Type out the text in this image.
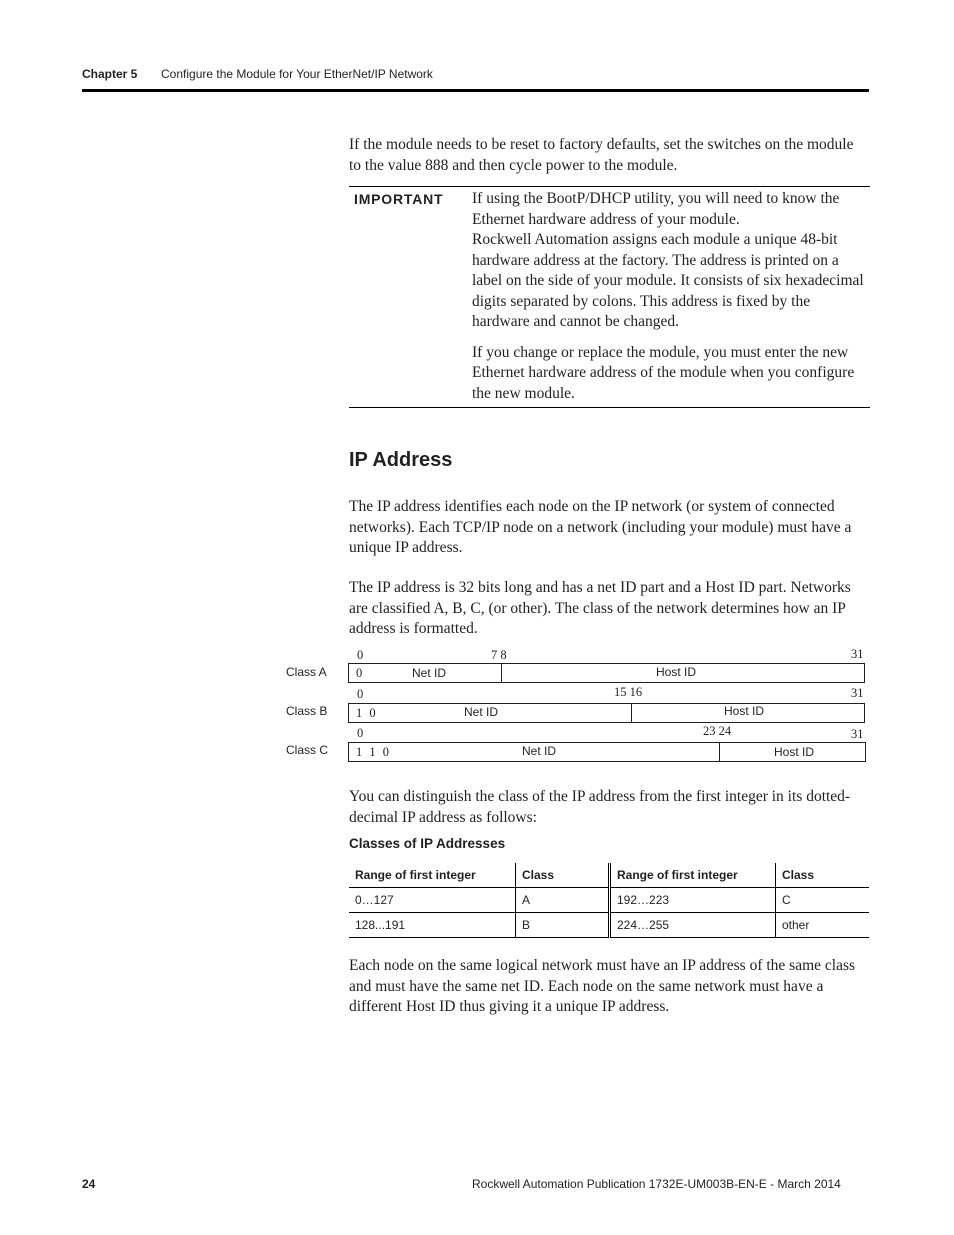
Chapter 5 Configure the Module for Your EtherNet/IP Network

If the module needs to be reset to factory defaults, set the switches on the module to the value 888 and then cycle power to the module.

IMPORTANT If using the BootP/DHCP utility, you will need to know the Ethernet hardware address of your module.

Rockwell Automation assigns each module a unique 48-bit hardware address at the factory. The address is printed on a label on the side of your module. It consists of six hexadecimal digits separated by colons. This address is fixed by the hardware and cannot be changed.

If you change or replace the module, you must enter the new Ethernet hardware address of the module when you configure the new module.

IP Address

The IP address identifies each node on the IP network (or system of connected networks). Each TCP/IP node on a network (including your module) must have a unique IP address.

The IP address is 32 bits long and has a net ID part and a Host ID part. Networks are classified A, B, C, (or other). The class of the network determines how an IP address is formatted.

0	7 8	31
Class A 0	Net ID	Host ID
0	15 16	31
Class B 1 0	Net ID	Host ID
0	23 24	31
Class C 1 1 0	Net ID	Host ID

You can distinguish the class of the IP address from the first integer in its dotted-decimal IP address as follows:

Classes of IP Addresses
Range of first integer	Class	Range of first integer	Class
0…127	A	192…223	C
128...191	B	224…255	other

Each node on the same logical network must have an IP address of the same class and must have the same net ID. Each node on the same network must have a different Host ID thus giving it a unique IP address.

24	Rockwell Automation Publication 1732E-UM003B-EN-E - March 2014
